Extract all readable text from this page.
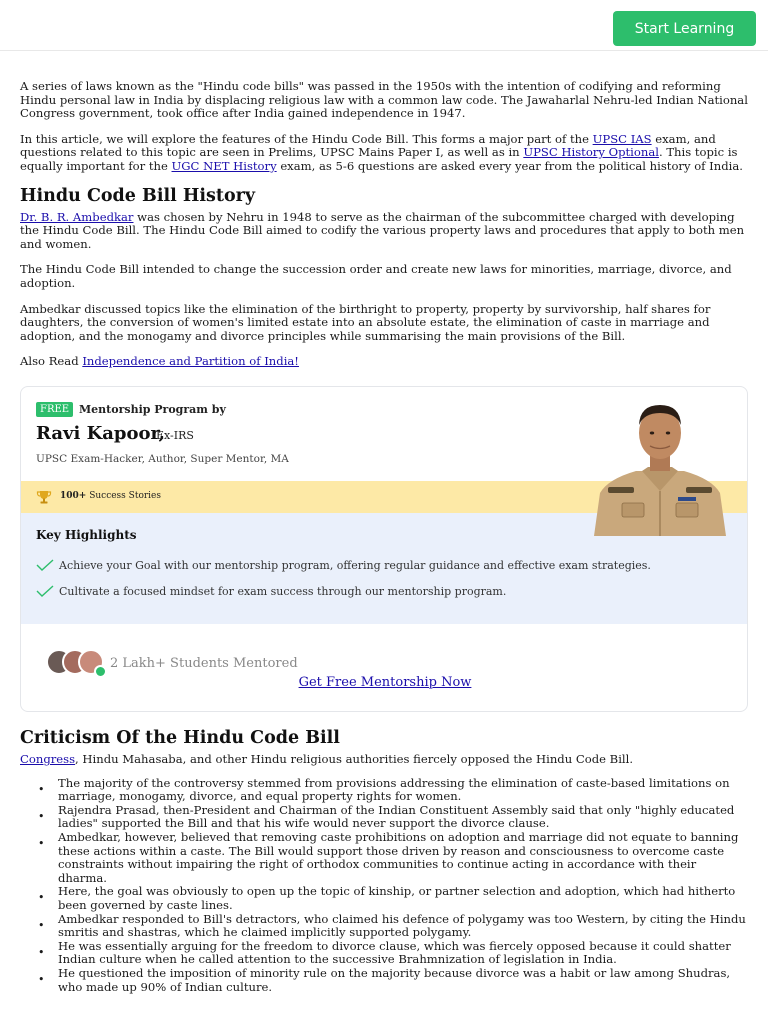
Start Learning

A series of laws known as the "Hindu code bills" was passed in the 1950s with the intention of codifying and reforming Hindu personal law in India by displacing religious law with a common law code. The Jawaharlal Nehru-led Indian National Congress government, took office after India gained independence in 1947.

In this article, we will explore the features of the Hindu Code Bill. This forms a major part of the UPSC IAS exam, and questions related to this topic are seen in Prelims, UPSC Mains Paper I, as well as in UPSC History Optional. This topic is equally important for the UGC NET History exam, as 5-6 questions are asked every year from the political history of India.

Hindu Code Bill History

Dr. B. R. Ambedkar was chosen by Nehru in 1948 to serve as the chairman of the subcommittee charged with developing the Hindu Code Bill. The Hindu Code Bill aimed to codify the various property laws and procedures that apply to both men and women.

The Hindu Code Bill intended to change the succession order and create new laws for minorities, marriage, divorce, and adoption.

Ambedkar discussed topics like the elimination of the birthright to property, property by survivorship, half shares for daughters, the conversion of women's limited estate into an absolute estate, the elimination of caste in marriage and adoption, and the monogamy and divorce principles while summarising the main provisions of the Bill.

Also Read Independence and Partition of India!

FREE Mentorship Program by
Ravi Kapoor,
Ex-IRS
UPSC Exam-Hacker, Author, Super Mentor, MA
100+ Success Stories
Key Highlights
Achieve your Goal with our mentorship program, offering regular guidance and effective exam strategies.
Cultivate a focused mindset for exam success through our mentorship program.
2 Lakh+ Students Mentored
Get Free Mentorship Now
Criticism Of the Hindu Code Bill

Congress, Hindu Mahasaba, and other Hindu religious authorities fiercely opposed the Hindu Code Bill.

• The majority of the controversy stemmed from provisions addressing the elimination of caste-based limitations on marriage, monogamy, divorce, and equal property rights for women.
• Rajendra Prasad, then-President and Chairman of the Indian Constituent Assembly said that only "highly educated ladies" supported the Bill and that his wife would never support the divorce clause.
• Ambedkar, however, believed that removing caste prohibitions on adoption and marriage did not equate to banning these actions within a caste. The Bill would support those driven by reason and consciousness to overcome caste constraints without impairing the right of orthodox communities to continue acting in accordance with their dharma.
• Here, the goal was obviously to open up the topic of kinship, or partner selection and adoption, which had hitherto been governed by caste lines.
• Ambedkar responded to Bill's detractors, who claimed his defence of polygamy was too Western, by citing the Hindu smritis and shastras, which he claimed implicitly supported polygamy.
• He was essentially arguing for the freedom to divorce clause, which was fiercely opposed because it could shatter Indian culture when he called attention to the successive Brahmnization of legislation in India.
• He questioned the imposition of minority rule on the majority because divorce was a habit or law among Shudras, who made up 90% of Indian culture.
